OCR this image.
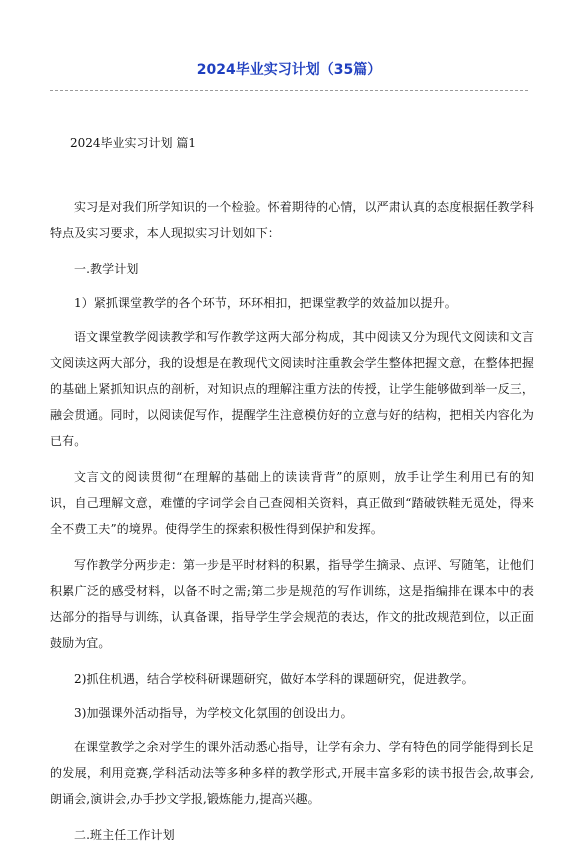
2024毕业实习计划（35篇）
2024毕业实习计划 篇1

实习是对我们所学知识的一个检验。怀着期待的心情，以严肃认真的态度根据任教学科特点及实习要求，本人现拟实习计划如下：

一.教学计划

1）紧抓课堂教学的各个环节，环环相扣，把课堂教学的效益加以提升。

语文课堂教学阅读教学和写作教学这两大部分构成，其中阅读又分为现代文阅读和文言文阅读这两大部分，我的设想是在教现代文阅读时注重教会学生整体把握文意，在整体把握的基础上紧抓知识点的剖析，对知识点的理解注重方法的传授，让学生能够做到举一反三，融会贯通。同时，以阅读促写作，提醒学生注意模仿好的立意与好的结构，把相关内容化为已有。

文言文的阅读贯彻“在理解的基础上的读读背背”的原则，放手让学生利用已有的知识，自己理解文意，难懂的字词学会自己查阅相关资料，真正做到“踏破铁鞋无觅处，得来全不费工夫”的境界。使得学生的探索积极性得到保护和发挥。

写作教学分两步走：第一步是平时材料的积累，指导学生摘录、点评、写随笔，让他们积累广泛的感受材料，以备不时之需;第二步是规范的写作训练，这是指编排在课本中的表达部分的指导与训练，认真备课，指导学生学会规范的表达，作文的批改规范到位，以正面鼓励为宜。

2)抓住机遇，结合学校科研课题研究，做好本学科的课题研究，促进教学。

3)加强课外活动指导，为学校文化氛围的创设出力。

在课堂教学之余对学生的课外活动悉心指导，让学有余力、学有特色的同学能得到长足的发展，利用竞赛,学科活动法等多种多样的教学形式,开展丰富多彩的读书报告会,故事会,朗诵会,演讲会,办手抄文学报,锻炼能力,提高兴趣。

二.班主任工作计划
